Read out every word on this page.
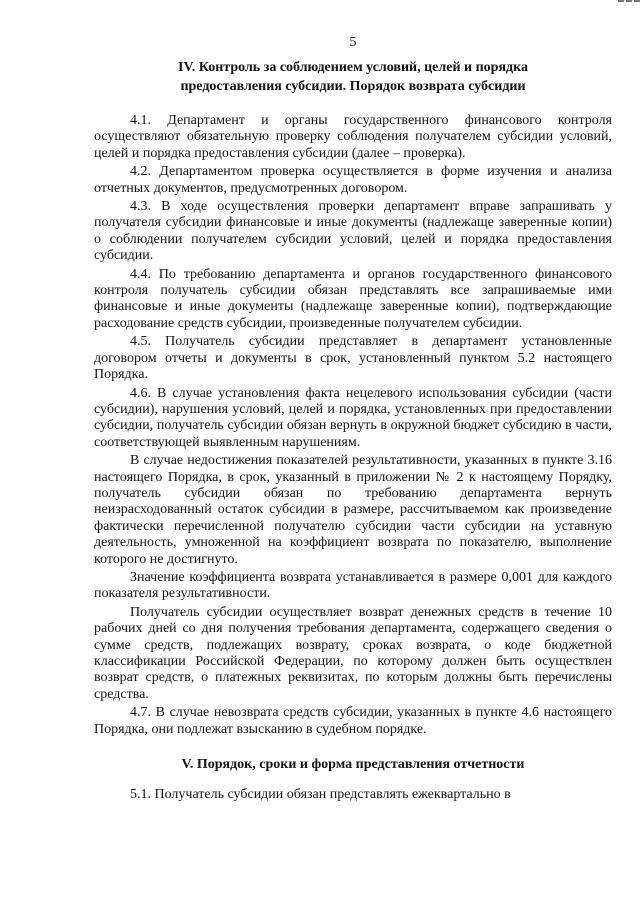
5
IV. Контроль за соблюдением условий, целей и порядка
предоставления субсидии. Порядок возврата субсидии

4.1. Департамент и органы государственного финансового контроля осуществляют обязательную проверку соблюдения получателем субсидии условий, целей и порядка предоставления субсидии (далее – проверка).

4.2. Департаментом проверка осуществляется в форме изучения и анализа отчетных документов, предусмотренных договором.

4.3. В ходе осуществления проверки департамент вправе запрашивать у получателя субсидии финансовые и иные документы (надлежаще заверенные копии) о соблюдении получателем субсидии условий, целей и порядка предоставления субсидии.

4.4. По требованию департамента и органов государственного финансового контроля получатель субсидии обязан представлять все запрашиваемые ими финансовые и иные документы (надлежаще заверенные копии), подтверждающие расходование средств субсидии, произведенные получателем субсидии.

4.5. Получатель субсидии представляет в департамент установленные договором отчеты и документы в срок, установленный пунктом 5.2 настоящего Порядка.

4.6. В случае установления факта нецелевого использования субсидии (части субсидии), нарушения условий, целей и порядка, установленных при предоставлении субсидии, получатель субсидии обязан вернуть в окружной бюджет субсидию в части, соответствующей выявленным нарушениям.

В случае недостижения показателей результативности, указанных в пункте 3.16 настоящего Порядка, в срок, указанный в приложении № 2 к настоящему Порядку, получатель субсидии обязан по требованию департамента вернуть неизрасходованный остаток субсидии в размере, рассчитываемом как произведение фактически перечисленной получателю субсидии части субсидии на уставную деятельность, умноженной на коэффициент возврата по показателю, выполнение которого не достигнуто.

Значение коэффициента возврата устанавливается в размере 0,001 для каждого показателя результативности.

Получатель субсидии осуществляет возврат денежных средств в течение 10 рабочих дней со дня получения требования департамента, содержащего сведения о сумме средств, подлежащих возврату, сроках возврата, о коде бюджетной классификации Российской Федерации, по которому должен быть осуществлен возврат средств, о платежных реквизитах, по которым должны быть перечислены средства.

4.7. В случае невозврата средств субсидии, указанных в пункте 4.6 настоящего Порядка, они подлежат взысканию в судебном порядке.

V. Порядок, сроки и форма представления отчетности

5.1. Получатель субсидии обязан представлять ежеквартально в
